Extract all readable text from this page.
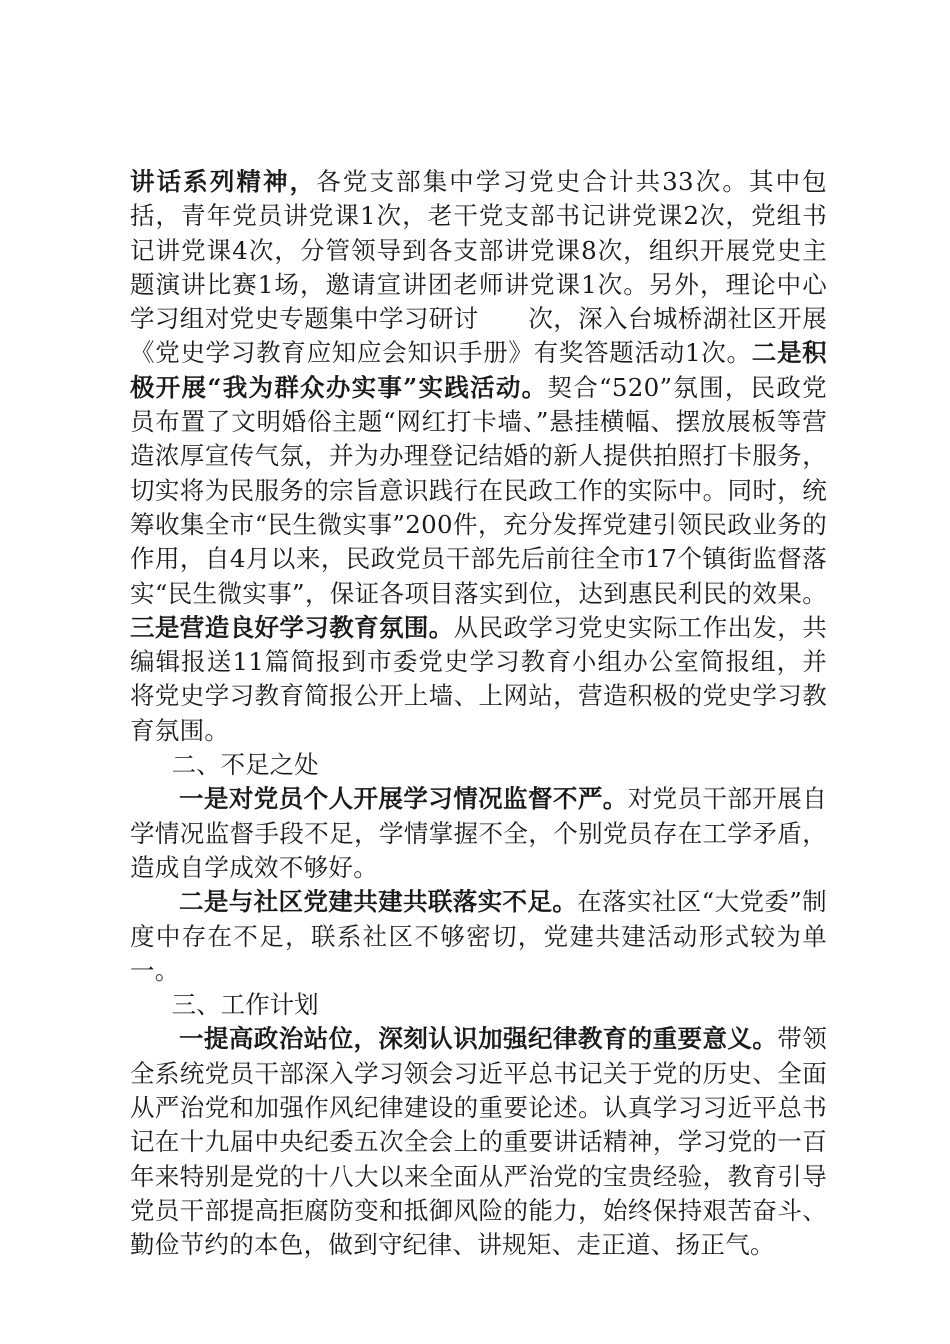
讲话系列精神，各党支部集中学习党史合计共33次。其中包括，青年党员讲党课1次，老干党支部书记讲党课2次，党组书记讲党课4次，分管领导到各支部讲党课8次，组织开展党史主题演讲比赛1场，邀请宣讲团老师讲党课1次。另外，理论中心学习组对党史专题集中学习研讨　　次，深入台城桥湖社区开展《党史学习教育应知应会知识手册》有奖答题活动1次。二是积极开展“我为群众办实事”实践活动。契合“520”氛围，民政党员布置了文明婚俗主题“网红打卡墙、”悬挂横幅、摆放展板等营造浓厚宣传气氛，并为办理登记结婚的新人提供拍照打卡服务，切实将为民服务的宗旨意识践行在民政工作的实际中。同时，统筹收集全市“民生微实事”200件，充分发挥党建引领民政业务的作用，自4月以来，民政党员干部先后前往全市17个镇街监督落实“民生微实事”，保证各项目落实到位，达到惠民利民的效果。三是营造良好学习教育氛围。从民政学习党史实际工作出发，共编辑报送11篇简报到市委党史学习教育小组办公室简报组，并将党史学习教育简报公开上墙、上网站，营造积极的党史学习教育氛围。

二、不足之处

一是对党员个人开展学习情况监督不严。对党员干部开展自学情况监督手段不足，学情掌握不全，个别党员存在工学矛盾，造成自学成效不够好。

二是与社区党建共建共联落实不足。在落实社区“大党委”制度中存在不足，联系社区不够密切，党建共建活动形式较为单一。

三、工作计划

一提高政治站位，深刻认识加强纪律教育的重要意义。带领全系统党员干部深入学习领会习近平总书记关于党的历史、全面从严治党和加强作风纪律建设的重要论述。认真学习习近平总书记在十九届中央纪委五次全会上的重要讲话精神，学习党的一百年来特别是党的十八大以来全面从严治党的宝贵经验，教育引导党员干部提高拒腐防变和抵御风险的能力，始终保持艰苦奋斗、勤俭节约的本色，做到守纪律、讲规矩、走正道、扬正气。
